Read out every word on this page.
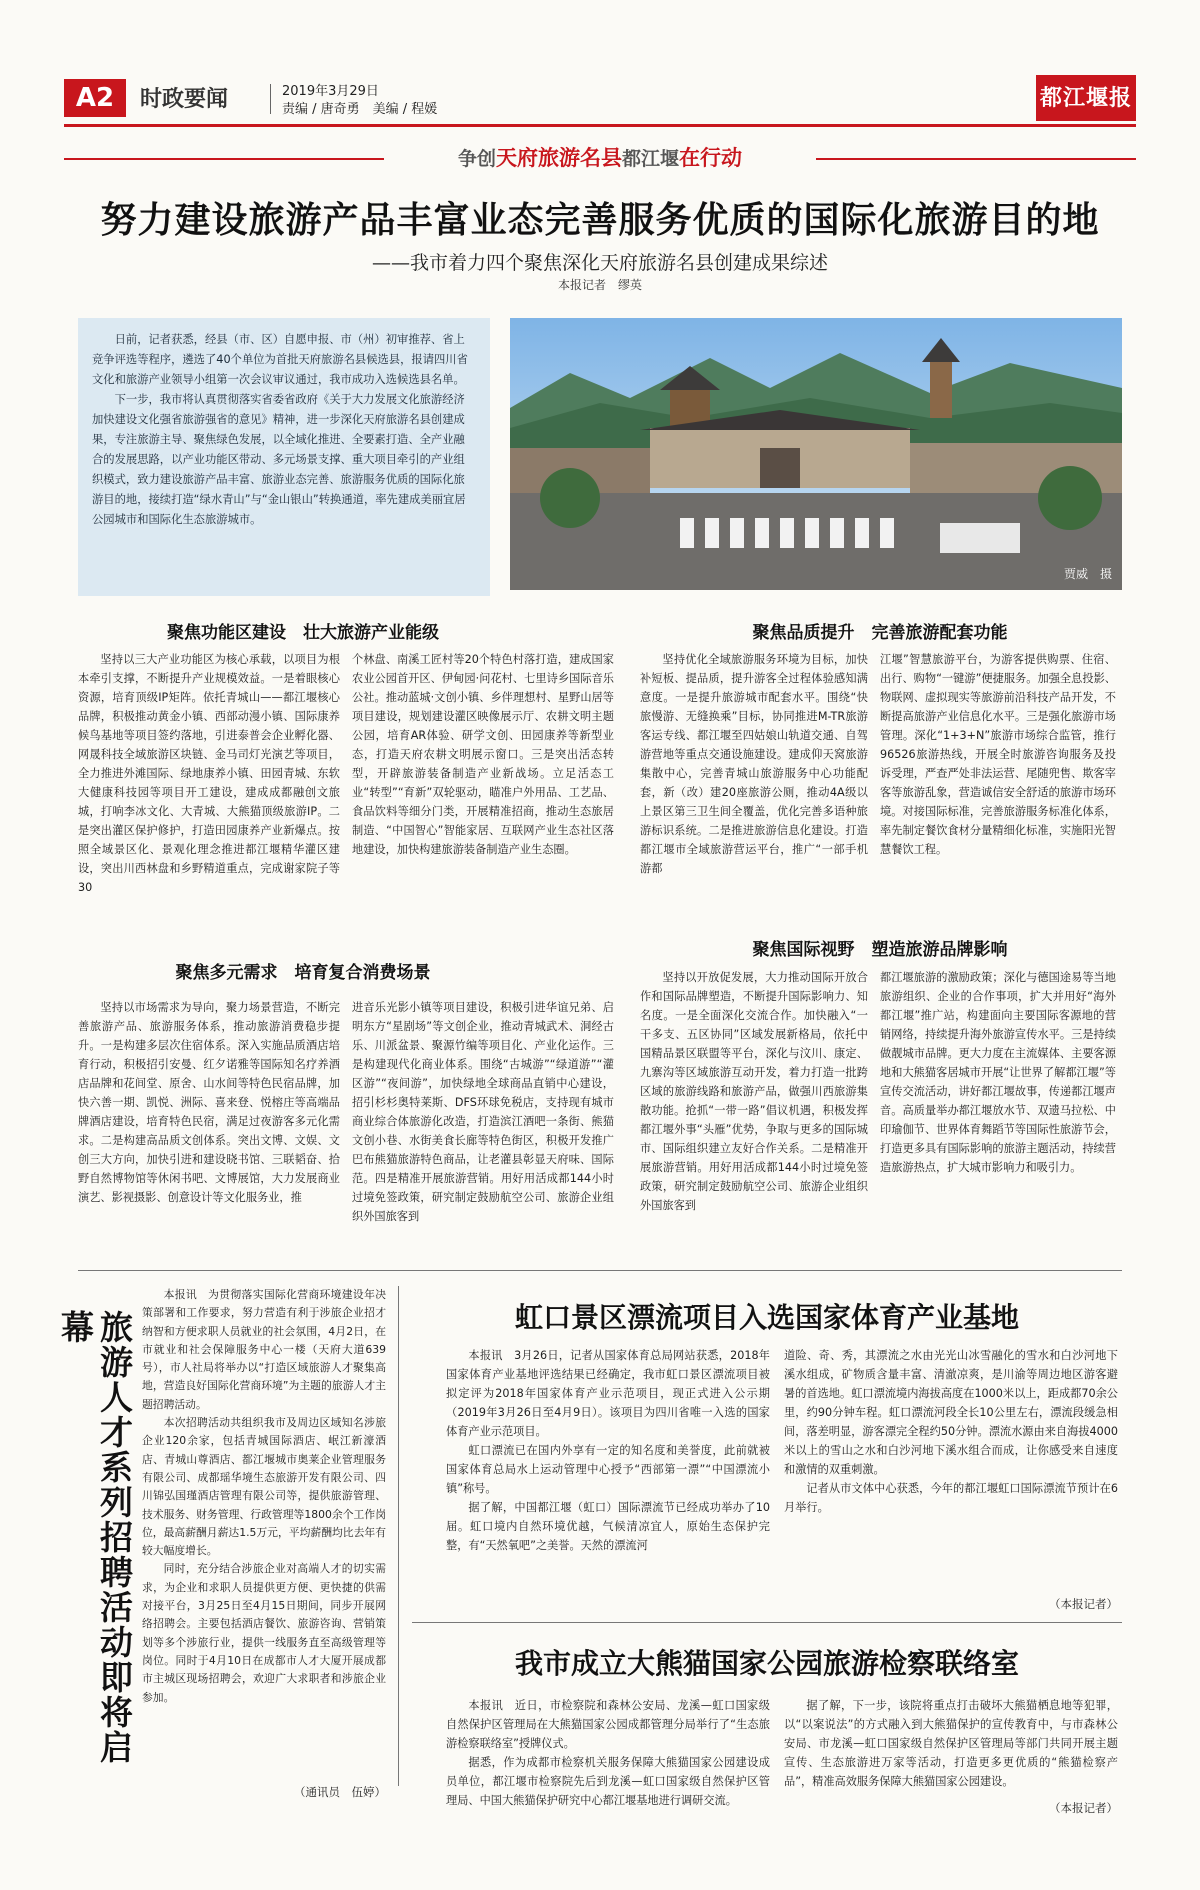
A2	时政要闻	2019年3月29日
责编 / 唐奇勇　美编 / 程媛	都江堰报
争创天府旅游名县都江堰在行动
努力建设旅游产品丰富业态完善服务优质的国际化旅游目的地
——我市着力四个聚焦深化天府旅游名县创建成果综述
本报记者　缪英

日前，记者获悉，经县（市、区）自愿申报、市（州）初审推荐、省上竞争评选等程序，遴选了40个单位为首批天府旅游名县候选县，报请四川省文化和旅游产业领导小组第一次会议审议通过，我市成功入选候选县名单。

下一步，我市将认真贯彻落实省委省政府《关于大力发展文化旅游经济加快建设文化强省旅游强省的意见》精神，进一步深化天府旅游名县创建成果，专注旅游主导、聚焦绿色发展，以全域化推进、全要素打造、全产业融合的发展思路，以产业功能区带动、多元场景支撑、重大项目牵引的产业组织模式，致力建设旅游产品丰富、旅游业态完善、旅游服务优质的国际化旅游目的地，接续打造“绿水青山”与“金山银山”转换通道，率先建成美丽宜居公园城市和国际化生态旅游城市。

贾威　摄
聚焦功能区建设　壮大旅游产业能级

坚持以三大产业功能区为核心承载，以项目为根本牵引支撑，不断提升产业规模效益。一是着眼核心资源，培育顶级IP矩阵。依托青城山——都江堰核心品牌，积极推动黄金小镇、西部动漫小镇、国际康养候鸟基地等项目签约落地，引进泰普会企业孵化器、网晟科技全域旅游区块链、金马司灯光演艺等项目，全力推进外滩国际、绿地康养小镇、田园青城、东软大健康科技园等项目开工建设，建成成都融创文旅城，打响李冰文化、大青城、大熊猫顶级旅游IP。二是突出灌区保护修护，打造田园康养产业新爆点。按照全域景区化、景观化理念推进都江堰精华灌区建设，突出川西林盘和乡野精道重点，完成谢家院子等30

个林盘、南溪工匠村等20个特色村落打造，建成国家农业公园首开区、伊甸园·问花村、七里诗乡国际音乐公社。推动蓝城·文创小镇、乡伴理想村、星野山居等项目建设，规划建设灌区映像展示厅、农耕文明主题公园，培育AR体验、研学文创、田园康养等新型业态，打造天府农耕文明展示窗口。三是突出活态转型，开辟旅游装备制造产业新战场。立足活态工业“转型”“育新”双轮驱动，瞄准户外用品、工艺品、食品饮料等细分门类，开展精准招商，推动生态旅居制造、“中国智心”智能家居、互联网产业生态社区落地建设，加快构建旅游装备制造产业生态圈。

聚焦品质提升　完善旅游配套功能

坚持优化全域旅游服务环境为目标，加快补短板、提品质，提升游客全过程体验感知满意度。一是提升旅游城市配套水平。围绕“快旅慢游、无缝换乘”目标，协同推进M-TR旅游客运专线、都江堰至四姑娘山轨道交通、自驾游营地等重点交通设施建设。建成仰天窝旅游集散中心，完善青城山旅游服务中心功能配套，新（改）建20座旅游公厕，推动4A级以上景区第三卫生间全覆盖，优化完善多语种旅游标识系统。二是推进旅游信息化建设。打造都江堰市全域旅游营运平台，推广“一部手机游都

江堰”智慧旅游平台，为游客提供购票、住宿、出行、购物“一键游”便捷服务。加强全息投影、物联网、虚拟现实等旅游前沿科技产品开发，不断提高旅游产业信息化水平。三是强化旅游市场管理。深化“1+3+N”旅游市场综合监管，推行96526旅游热线，开展全时旅游咨询服务及投诉受理，严查严处非法运营、尾随兜售、欺客宰客等旅游乱象，营造诚信安全舒适的旅游市场环境。对接国际标准，完善旅游服务标准化体系，率先制定餐饮食材分量精细化标准，实施阳光智慧餐饮工程。

聚焦多元需求　培育复合消费场景

坚持以市场需求为导向，聚力场景营造，不断完善旅游产品、旅游服务体系，推动旅游消费稳步提升。一是构建多层次住宿体系。深入实施品质酒店培育行动，积极招引安曼、红夕诺雅等国际知名疗养酒店品牌和花间堂、原舍、山水间等特色民宿品牌，加快六善一期、凯悦、洲际、喜来登、悦榕庄等高端品牌酒店建设，培育特色民宿，满足过夜游客多元化需求。二是构建高品质文创体系。突出文博、文娱、文创三大方向，加快引进和建设晓书馆、三联韬奋、拾野自然博物馆等休闲书吧、文博展馆，大力发展商业演艺、影视摄影、创意设计等文化服务业，推

进音乐光影小镇等项目建设，积极引进华谊兄弟、启明东方“星剧场”等文创企业，推动青城武术、洞经古乐、川派盆景、聚源竹编等项目化、产业化运作。三是构建现代化商业体系。围绕“古城游”“绿道游”“灌区游”“夜间游”，加快绿地全球商品直销中心建设，招引杉杉奥特莱斯、DFS环球免税店，支持现有城市商业综合体旅游化改造，打造滨江酒吧一条街、熊猫文创小巷、水街美食长廊等特色街区，积极开发推广巴布熊猫旅游特色商品，让老灌县彰显天府味、国际范。四是精准开展旅游营销。用好用活成都144小时过境免签政策，研究制定鼓励航空公司、旅游企业组织外国旅客到

聚焦国际视野　塑造旅游品牌影响

坚持以开放促发展，大力推动国际开放合作和国际品牌塑造，不断提升国际影响力、知名度。一是全面深化交流合作。加快融入“一干多支、五区协同”区域发展新格局，依托中国精品景区联盟等平台，深化与汶川、康定、九寨沟等区域旅游互动开发，着力打造一批跨区域的旅游线路和旅游产品，做强川西旅游集散功能。抢抓“一带一路”倡议机遇，积极发挥都江堰外事“头雁”优势，争取与更多的国际城市、国际组织建立友好合作关系。二是精准开展旅游营销。用好用活成都144小时过境免签政策，研究制定鼓励航空公司、旅游企业组织外国旅客到

都江堰旅游的激励政策；深化与德国途易等当地旅游组织、企业的合作事项，扩大并用好“海外都江堰”推广站，构建面向主要国际客源地的营销网络，持续提升海外旅游宣传水平。三是持续做靓城市品牌。更大力度在主流媒体、主要客源地和大熊猫客居城市开展“让世界了解都江堰”等宣传交流活动，讲好都江堰故事，传递都江堰声音。高质量举办都江堰放水节、双遗马拉松、中印瑜伽节、世界体育舞蹈节等国际性旅游节会，打造更多具有国际影响的旅游主题活动，持续营造旅游热点，扩大城市影响力和吸引力。

旅游人才系列招聘活动即将启幕

本报讯　为贯彻落实国际化营商环境建设年决策部署和工作要求，努力营造有利于涉旅企业招才纳智和方便求职人员就业的社会氛围，4月2日，在市就业和社会保障服务中心一楼（天府大道639号），市人社局将举办以“打造区域旅游人才聚集高地，营造良好国际化营商环境”为主题的旅游人才主题招聘活动。

本次招聘活动共组织我市及周边区域知名涉旅企业120余家，包括青城国际酒店、岷江新濠酒店、青城山尊酒店、都江堰城市奥莱企业管理服务有限公司、成都瑶华境生态旅游开发有限公司、四川锦弘国瑾酒店管理有限公司等，提供旅游管理、技术服务、财务管理、行政管理等1800余个工作岗位，最高薪酬月薪达1.5万元，平均薪酬均比去年有较大幅度增长。

同时，充分结合涉旅企业对高端人才的切实需求，为企业和求职人员提供更方便、更快捷的供需对接平台，3月25日至4月15日期间，同步开展网络招聘会。主要包括酒店餐饮、旅游咨询、营销策划等多个涉旅行业，提供一线服务直至高级管理等岗位。同时于4月10日在成都市人才大厦开展成都市主城区现场招聘会，欢迎广大求职者和涉旅企业参加。

（通讯员　伍婷）
虹口景区漂流项目入选国家体育产业基地

本报讯　3月26日，记者从国家体育总局网站获悉，2018年国家体育产业基地评选结果已经确定，我市虹口景区漂流项目被拟定评为2018年国家体育产业示范项目，现正式进入公示期（2019年3月26日至4月9日）。该项目为四川省唯一入选的国家体育产业示范项目。

虹口漂流已在国内外享有一定的知名度和美誉度，此前就被国家体育总局水上运动管理中心授予“西部第一漂”“中国漂流小镇”称号。

据了解，中国都江堰（虹口）国际漂流节已经成功举办了10届。虹口境内自然环境优越，气候清凉宜人，原始生态保护完整，有“天然氧吧”之美誉。天然的漂流河

道险、奇、秀，其漂流之水由光光山冰雪融化的雪水和白沙河地下溪水组成，矿物质含量丰富、清澈凉爽，是川渝等周边地区游客避暑的首选地。虹口漂流境内海拔高度在1000米以上，距成都70余公里，约90分钟车程。虹口漂流河段全长10公里左右，漂流段缓急相间，落差明显，游客漂完全程约50分钟。漂流水源由来自海拔4000米以上的雪山之水和白沙河地下溪水组合而成，让你感受来自速度和激情的双重刺激。

记者从市文体中心获悉，今年的都江堰虹口国际漂流节预计在6月举行。

（本报记者）
我市成立大熊猫国家公园旅游检察联络室

本报讯　近日，市检察院和森林公安局、龙溪—虹口国家级自然保护区管理局在大熊猫国家公园成都管理分局举行了“生态旅游检察联络室”授牌仪式。

据悉，作为成都市检察机关服务保障大熊猫国家公园建设成员单位，都江堰市检察院先后到龙溪—虹口国家级自然保护区管理局、中国大熊猫保护研究中心都江堰基地进行调研交流。

据了解，下一步，该院将重点打击破坏大熊猫栖息地等犯罪，以“以案说法”的方式融入到大熊猫保护的宣传教育中，与市森林公安局、市龙溪—虹口国家级自然保护区管理局等部门共同开展主题宣传、生态旅游进万家等活动，打造更多更优质的“熊猫检察产品”，精准高效服务保障大熊猫国家公园建设。

（本报记者）
